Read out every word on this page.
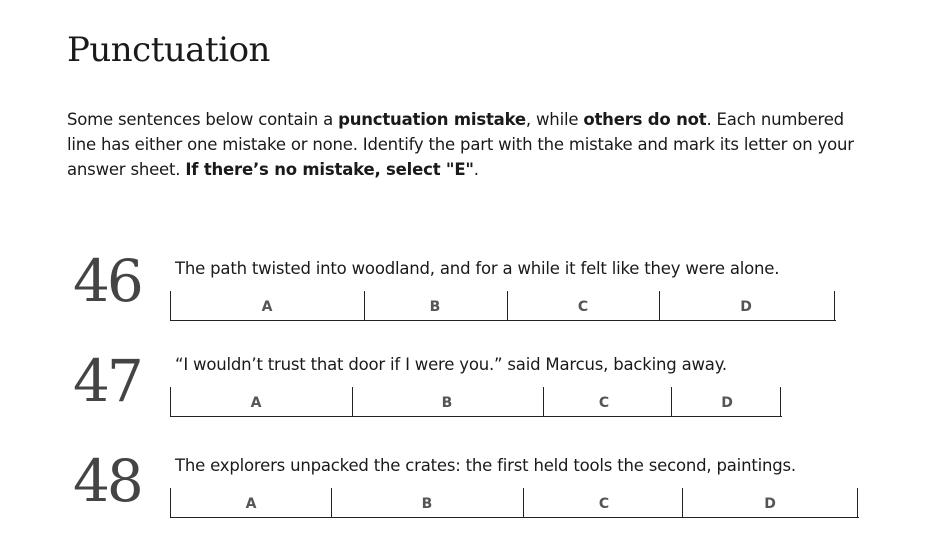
Punctuation

Some sentences below contain a punctuation mistake, while others do not. Each numbered line has either one mistake or none. Identify the part with the mistake and mark its letter on your answer sheet. If there’s no mistake, select "E".

46 The path twisted into woodland, and for a while it felt like they were alone.
A	B	C	D
47 “I wouldn’t trust that door if I were you.” said Marcus, backing away.
A	B	C	D
48 The explorers unpacked the crates: the first held tools the second, paintings.
A	B	C	D
